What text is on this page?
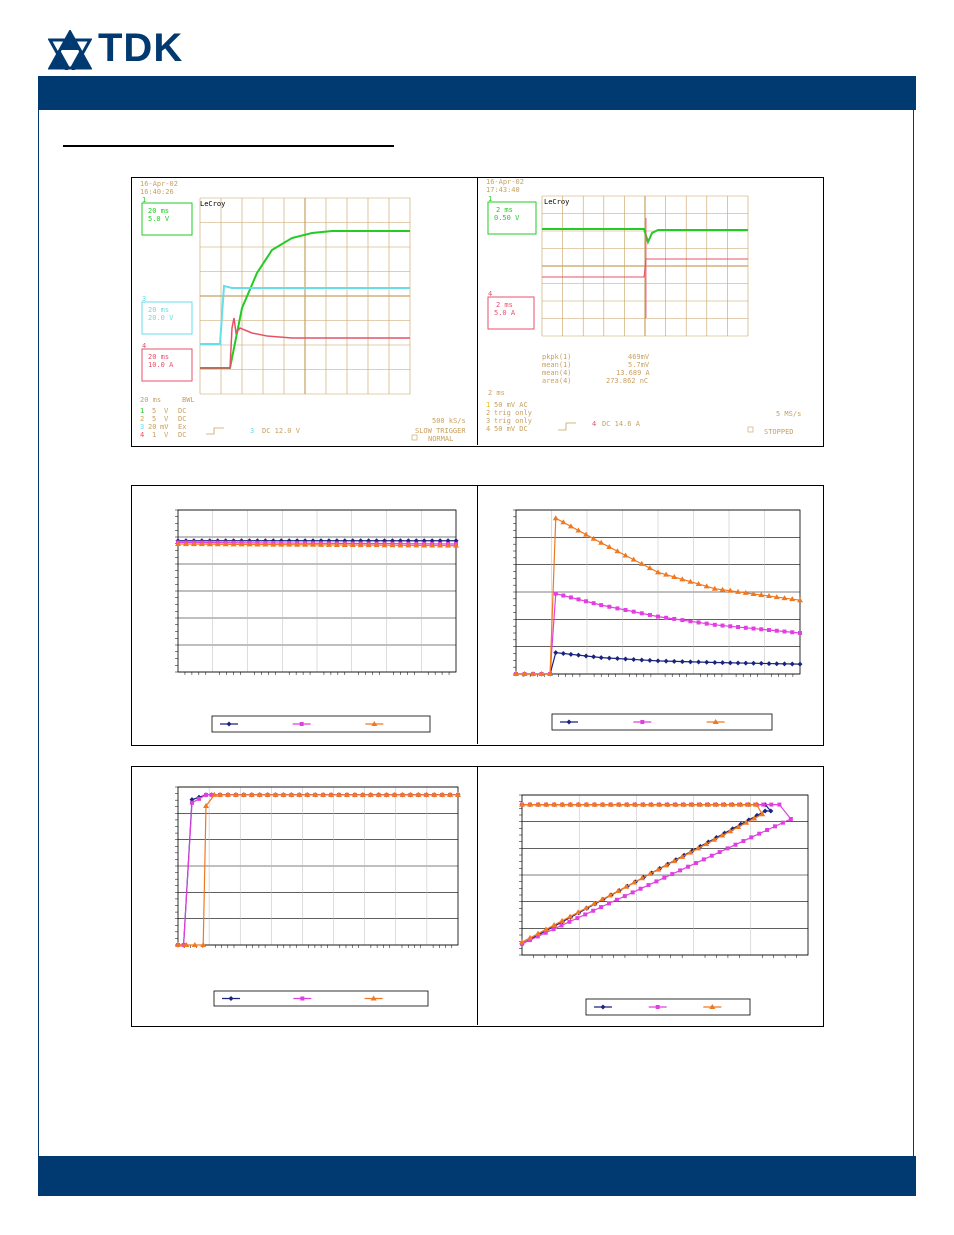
TDK
16-Apr-02
16:40:26
LeCroy
1
20 ms
5.0 V
3
20 ms
20.0 V
4
20 ms
10.0 A
20 ms	BWL
1 5 V DC
2 5 V DC
3 20 mV Ex
4 1 V DC	3 DC 12.0 V
500 kS/s
SLOW TRIGGER
NORMAL
16-Apr-02
17:43:40
LeCroy
1
2 ms
0.50 V
4
2 ms
5.0 A
pkpk(1)	469mV
mean(1)	5.7mV
mean(4)	13.689 A
area(4)	273.862 nC
2 ms
1 50 mV AC
2 trig only
3 trig only
4 50 mV DC
4 DC 14.6 A
5 MS/s
STOPPED
